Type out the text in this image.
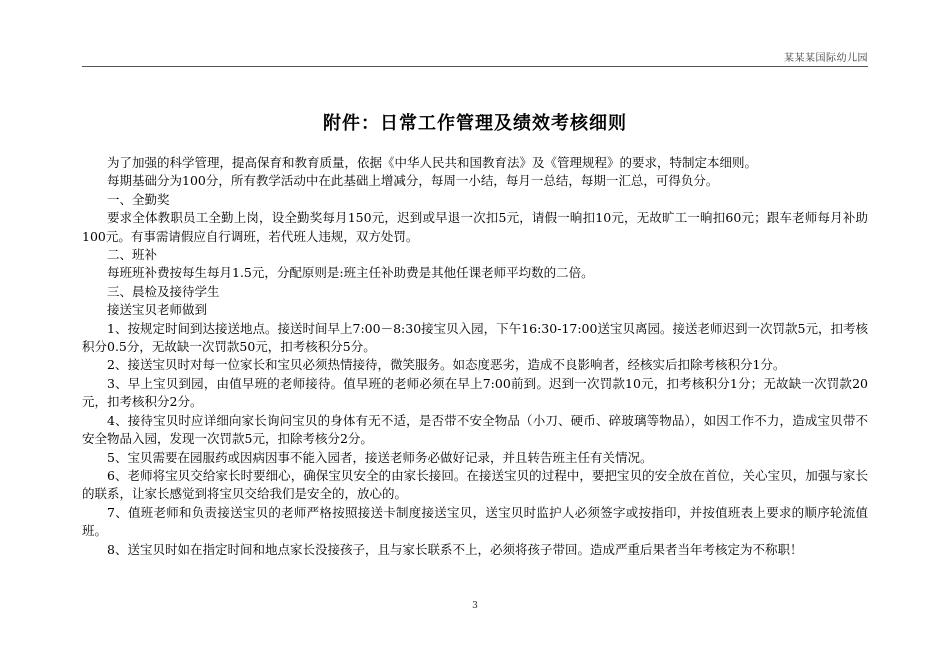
某某某国际幼儿园
附件：日常工作管理及绩效考核细则

为了加强的科学管理，提高保育和教育质量，依据《中华人民共和国教育法》及《管理规程》的要求，特制定本细则。

每期基础分为100分，所有教学活动中在此基础上增减分，每周一小结，每月一总结，每期一汇总，可得负分。

一、全勤奖

要求全体教职员工全勤上岗，设全勤奖每月150元，迟到或早退一次扣5元，请假一晌扣10元，无故旷工一晌扣60元；跟车老师每月补助100元。有事需请假应自行调班，若代班人违规，双方处罚。

二、班补

每班班补费按每生每月1.5元，分配原则是:班主任补助费是其他任课老师平均数的二倍。

三、晨检及接待学生

接送宝贝老师做到

1、按规定时间到达接送地点。接送时间早上7:00－8:30接宝贝入园，下午16:30-17:00送宝贝离园。接送老师迟到一次罚款5元，扣考核积分0.5分，无故缺一次罚款50元，扣考核积分5分。

2、接送宝贝时对每一位家长和宝贝必须热情接待，微笑服务。如态度恶劣，造成不良影响者，经核实后扣除考核积分1分。

3、早上宝贝到园，由值早班的老师接待。值早班的老师必须在早上7:00前到。迟到一次罚款10元，扣考核积分1分；无故缺一次罚款20元，扣考核积分2分。

4、接待宝贝时应详细向家长询问宝贝的身体有无不适，是否带不安全物品（小刀、硬币、碎玻璃等物品），如因工作不力，造成宝贝带不安全物品入园，发现一次罚款5元，扣除考核分2分。

5、宝贝需要在园服药或因病因事不能入园者，接送老师务必做好记录，并且转告班主任有关情况。

6、老师将宝贝交给家长时要细心，确保宝贝安全的由家长接回。在接送宝贝的过程中，要把宝贝的安全放在首位，关心宝贝，加强与家长的联系，让家长感觉到将宝贝交给我们是安全的，放心的。

7、值班老师和负责接送宝贝的老师严格按照接送卡制度接送宝贝，送宝贝时监护人必须签字或按指印，并按值班表上要求的顺序轮流值班。

8、送宝贝时如在指定时间和地点家长没接孩子，且与家长联系不上，必须将孩子带回。造成严重后果者当年考核定为不称职！

3
